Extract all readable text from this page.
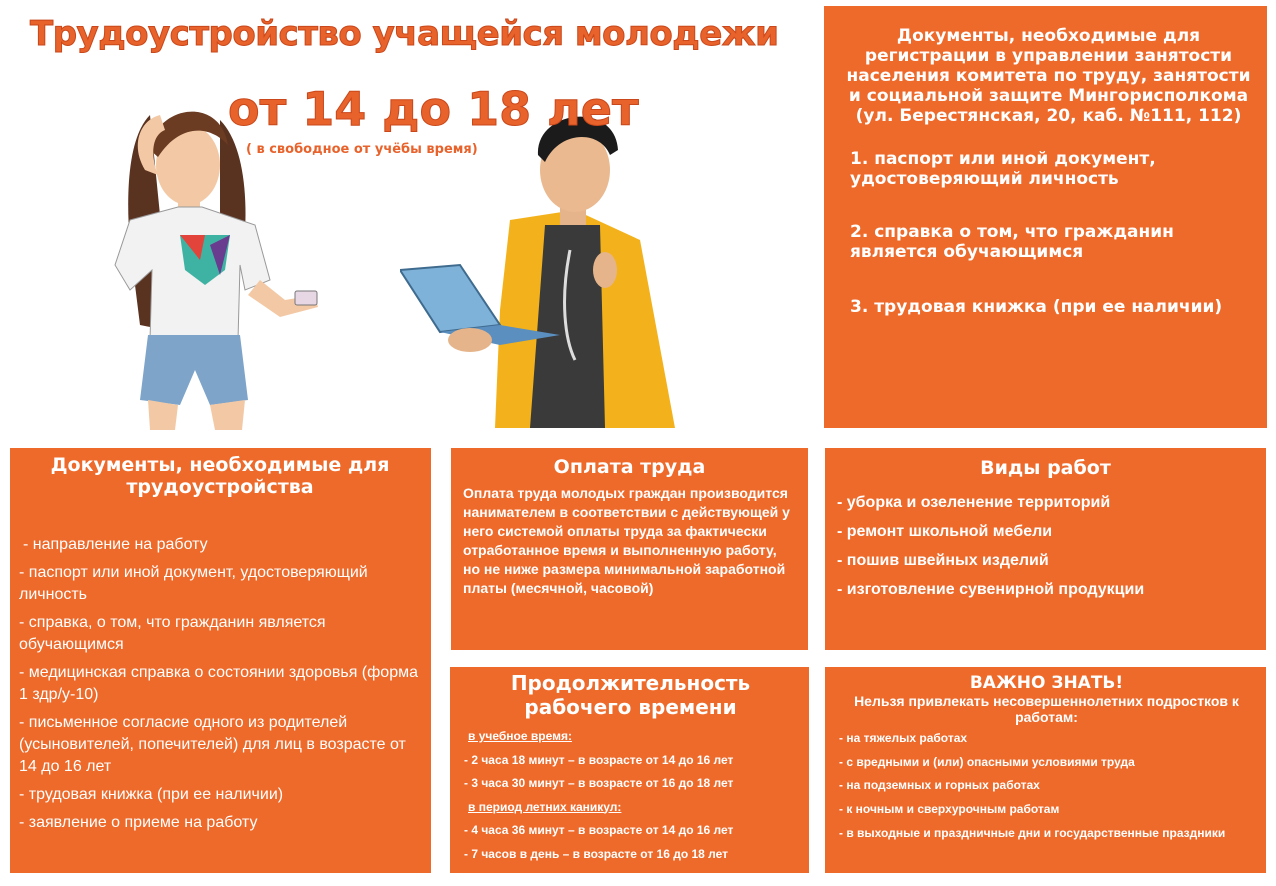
Трудоустройство учащейся молодежи
от 14 до 18 лет
( в свободное от учёбы время)
Документы, необходимые для регистрации в управлении занятости населения комитета по труду, занятости и социальной защите Мингорисполкома (ул. Берестянская, 20, каб. №111, 112)
1. паспорт или иной документ, удостоверяющий личность
2. справка о том, что гражданин является обучающимся
3. трудовая книжка (при ее наличии)
Документы, необходимые для трудоустройства
- направление на работу
- паспорт или иной документ, удостоверяющий личность
- справка, о том, что гражданин является обучающимся
- медицинская справка о состоянии здоровья (форма 1 здр/у-10)
- письменное согласие одного из родителей (усыновителей, попечителей) для лиц в возрасте от 14 до 16 лет
- трудовая книжка (при ее наличии)
- заявление о приеме на работу
Оплата труда
Оплата труда молодых граждан производится нанимателем в соответствии с действующей у него системой оплаты труда за фактически отработанное время и выполненную работу, но не ниже размера минимальной заработной платы (месячной, часовой)
Виды работ
- уборка и озеленение территорий
- ремонт школьной мебели
- пошив швейных изделий
- изготовление сувенирной продукции
Продолжительность рабочего времени
в учебное время:
- 2 часа 18 минут – в возрасте от 14 до 16 лет
- 3 часа 30 минут – в возрасте от 16 до 18 лет
в период летних каникул:
- 4 часа 36 минут – в возрасте от 14 до 16 лет
- 7 часов в день – в возрасте от 16 до 18 лет
ВАЖНО ЗНАТЬ!
Нельзя привлекать несовершеннолетних подростков к работам:
- на тяжелых работах
- с вредными и (или) опасными условиями труда
- на подземных и горных работах
- к ночным и сверхурочным работам
- в выходные и праздничные дни и государственные праздники
